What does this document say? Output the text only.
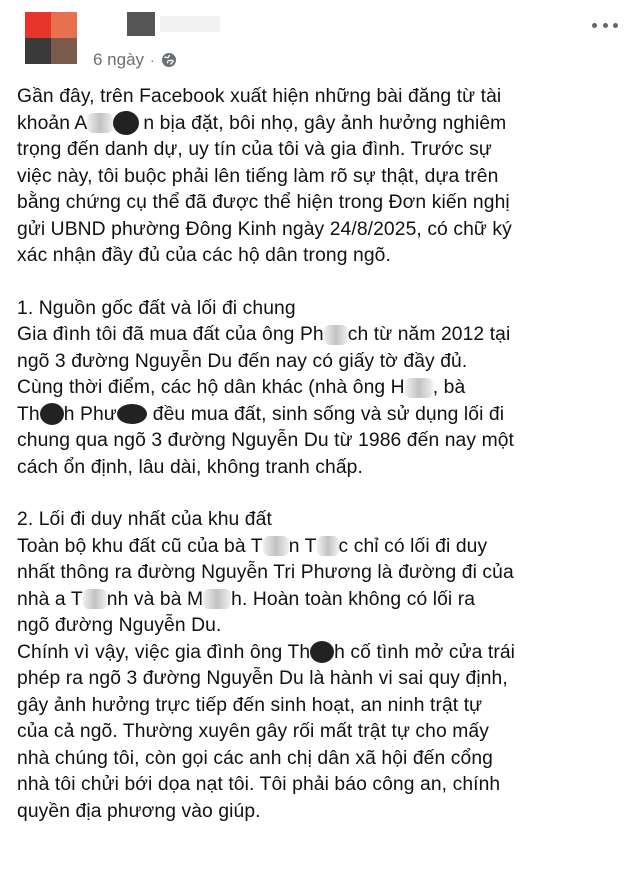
6 ngày ·
Gần đây, trên Facebook xuất hiện những bài đăng từ tài
khoản A	n bịa đặt, bôi nhọ, gây ảnh hưởng nghiêm
trọng đến danh dự, uy tín của tôi và gia đình. Trước sự
việc này, tôi buộc phải lên tiếng làm rõ sự thật, dựa trên
bằng chứng cụ thể đã được thể hiện trong Đơn kiến nghị
gửi UBND phường Đông Kinh ngày 24/8/2025, có chữ ký
xác nhận đầy đủ của các hộ dân trong ngõ.
1. Nguồn gốc đất và lối đi chung
Gia đình tôi đã mua đất của ông Ph ch từ năm 2012 tại
ngõ 3 đường Nguyễn Du đến nay có giấy tờ đầy đủ.
Cùng thời điểm, các hộ dân khác (nhà ông H , bà
Th h Phư đều mua đất, sinh sống và sử dụng lối đi
chung qua ngõ 3 đường Nguyễn Du từ 1986 đến nay một
cách ổn định, lâu dài, không tranh chấp.
2. Lối đi duy nhất của khu đất
Toàn bộ khu đất cũ của bà T n T c chỉ có lối đi duy
nhất thông ra đường Nguyễn Tri Phương là đường đi của
nhà a T nh và bà M h. Hoàn toàn không có lối ra
ngõ đường Nguyễn Du.
Chính vì vậy, việc gia đình ông Th h cố tình mở cửa trái
phép ra ngõ 3 đường Nguyễn Du là hành vi sai quy định,
gây ảnh hưởng trực tiếp đến sinh hoạt, an ninh trật tự
của cả ngõ. Thường xuyên gây rối mất trật tự cho mấy
nhà chúng tôi, còn gọi các anh chị dân xã hội đến cổng
nhà tôi chửi bới dọa nạt tôi. Tôi phải báo công an, chính
quyền địa phương vào giúp.
